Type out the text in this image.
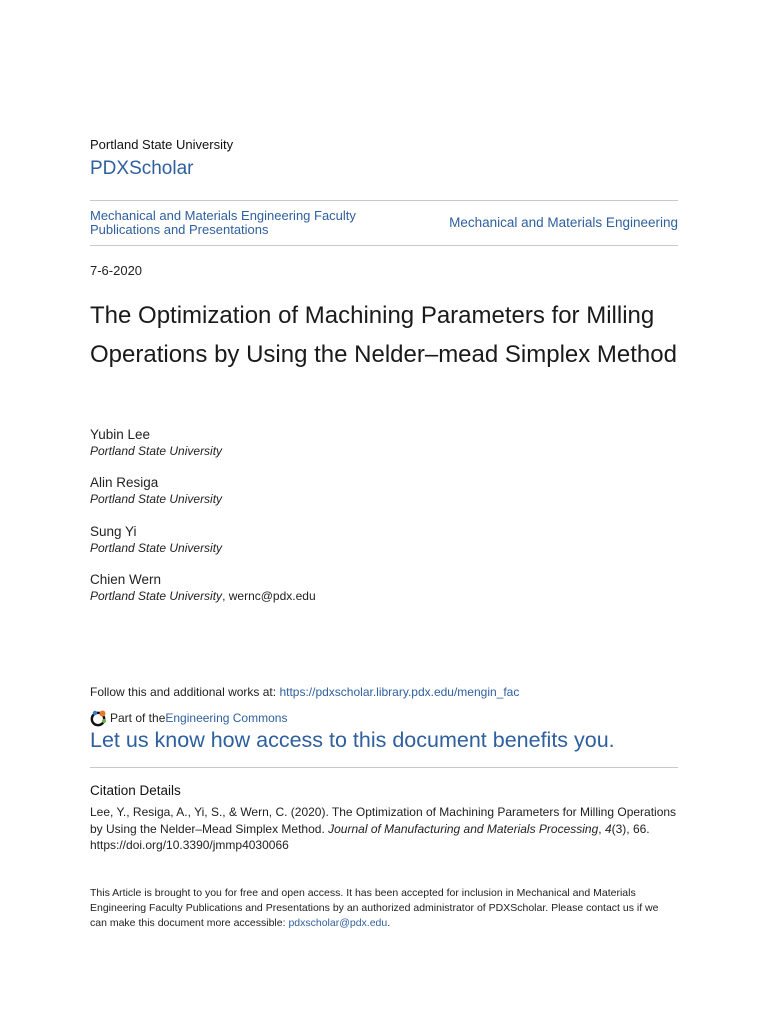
Portland State University
PDXScholar
Mechanical and Materials Engineering Faculty Publications and Presentations	Mechanical and Materials Engineering
7-6-2020
The Optimization of Machining Parameters for Milling Operations by Using the Nelder–mead Simplex Method
Yubin Lee
Portland State University
Alin Resiga
Portland State University
Sung Yi
Portland State University
Chien Wern
Portland State University, wernc@pdx.edu
Follow this and additional works at: https://pdxscholar.library.pdx.edu/mengin_fac
Part of the Engineering Commons
Let us know how access to this document benefits you.
Citation Details
Lee, Y., Resiga, A., Yi, S., & Wern, C. (2020). The Optimization of Machining Parameters for Milling Operations by Using the Nelder–Mead Simplex Method. Journal of Manufacturing and Materials Processing, 4(3), 66. https://doi.org/10.3390/jmmp4030066
This Article is brought to you for free and open access. It has been accepted for inclusion in Mechanical and Materials Engineering Faculty Publications and Presentations by an authorized administrator of PDXScholar. Please contact us if we can make this document more accessible: pdxscholar@pdx.edu.
